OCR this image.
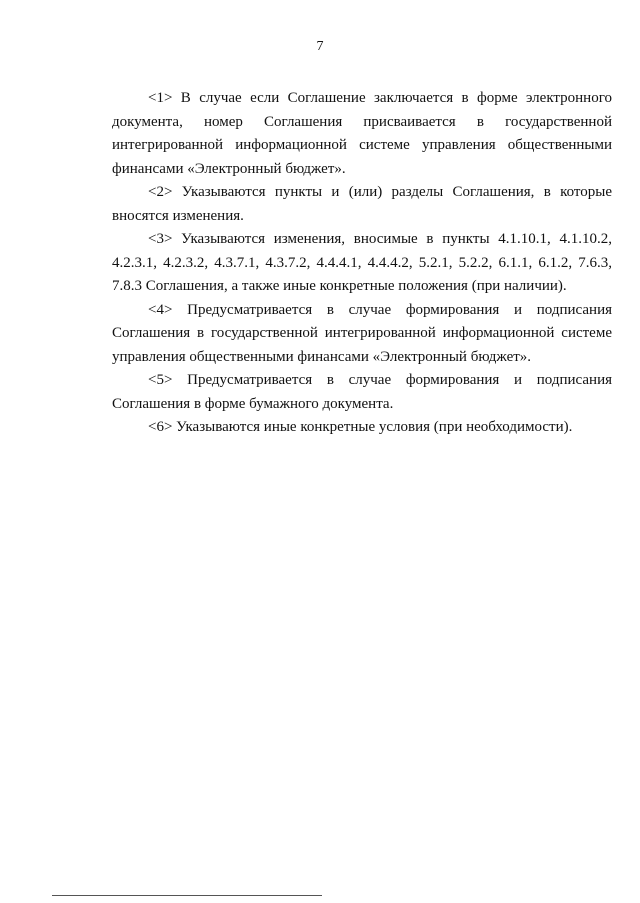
7

<1> В случае если Соглашение заключается в форме электронного документа, номер Соглашения присваивается в государственной интегрированной информационной системе управления общественными финансами «Электронный бюджет».

<2> Указываются пункты и (или) разделы Соглашения, в которые вносятся изменения.

<3> Указываются изменения, вносимые в пункты 4.1.10.1, 4.1.10.2, 4.2.3.1, 4.2.3.2, 4.3.7.1, 4.3.7.2, 4.4.4.1, 4.4.4.2, 5.2.1, 5.2.2, 6.1.1, 6.1.2, 7.6.3, 7.8.3 Соглашения, а также иные конкретные положения (при наличии).

<4> Предусматривается в случае формирования и подписания Соглашения в государственной интегрированной информационной системе управления общественными финансами «Электронный бюджет».

<5> Предусматривается в случае формирования и подписания Соглашения в форме бумажного документа.

<6> Указываются иные конкретные условия (при необходимости).
